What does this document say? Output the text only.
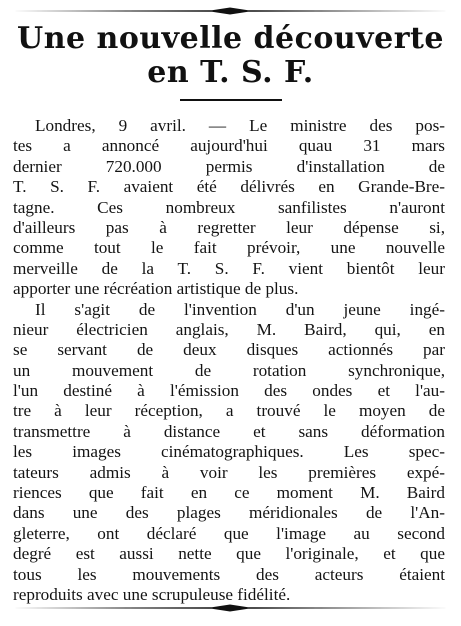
Une nouvelle découverte
en T. S. F.
Londres, 9 avril. — Le ministre des pos-
tes a annoncé aujourd'hui quau 31 mars
dernier 720.000 permis d'installation de
T. S. F. avaient été délivrés en Grande-Bre-
tagne. Ces nombreux sanfilistes n'auront
d'ailleurs pas à regretter leur dépense si,
comme tout le fait prévoir, une nouvelle
merveille de la T. S. F. vient bientôt leur
apporter une récréation artistique de plus.
Il s'agit de l'invention d'un jeune ingé-
nieur électricien anglais, M. Baird, qui, en
se servant de deux disques actionnés par
un mouvement de rotation synchronique,
l'un destiné à l'émission des ondes et l'au-
tre à leur réception, a trouvé le moyen de
transmettre à distance et sans déformation
les images cinématographiques. Les spec-
tateurs admis à voir les premières expé-
riences que fait en ce moment M. Baird
dans une des plages méridionales de l'An-
gleterre, ont déclaré que l'image au second
degré est aussi nette que l'originale, et que
tous les mouvements des acteurs étaient
reproduits avec une scrupuleuse fidélité.
